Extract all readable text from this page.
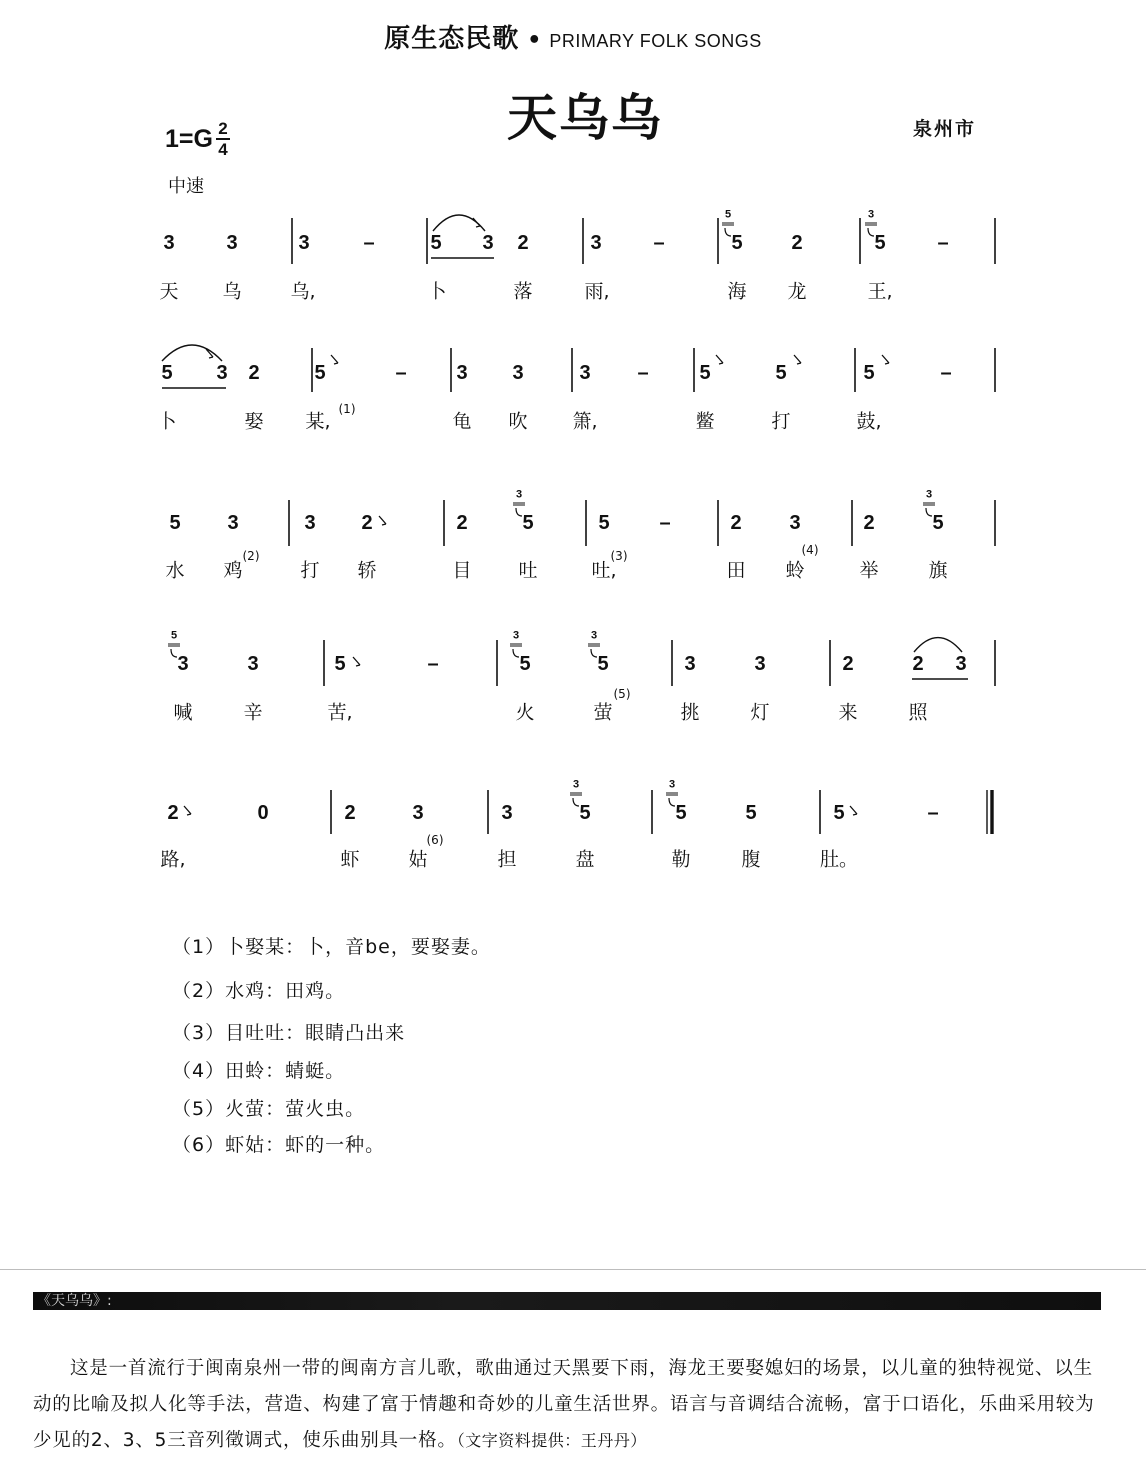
原生态民歌 • PRIMARY FOLK SONGS
天乌乌	泉州市
$1=G \frac{2}{4}$
中速
3	3	3	–	5 3 2	3	–	5
5
2	5
3
–
天 乌	乌,	卜	落	雨,	海 龙	王,
5 3 2	5	– 3 3	3 –	5	5	5	–
卜	娶 某,	龟 吹 箫,	鳖	打	鼓,
(1)
5 3	3 2	2	5
3
5 –	2 3	2	5
3
水 鸡	打 轿	目 吐	吐,	田 蛉	举	旗
(2)	(3)	(4)
3
5
3	5	–	5
3
5
3
3	3	2	2 3
喊	辛	苦,	火	萤	挑	灯	来	照
(5)
2	0	2	3	3	5
3
5
3
5	5	–
路,	虾	姑	担	盘	勒	腹	肚。
(6)
（1）卜娶某：卜，音be，要娶妻。
（2）水鸡：田鸡。
（3）目吐吐：眼睛凸出来
（4）田蛉：蜻蜓。
（5）火萤：萤火虫。
（6）虾姑：虾的一种。
《天乌乌》:
这是一首流行于闽南泉州一带的闽南方言儿歌，歌曲通过天黑要下雨，海龙王要娶媳妇的场景，以儿童的独特视觉、以生动的比喻及拟人化等手法，营造、构建了富于情趣和奇妙的儿童生活世界。语言与音调结合流畅，富于口语化，乐曲采用较为少见的2、3、5三音列徵调式，使乐曲别具一格。（文字资料提供：王丹丹）
